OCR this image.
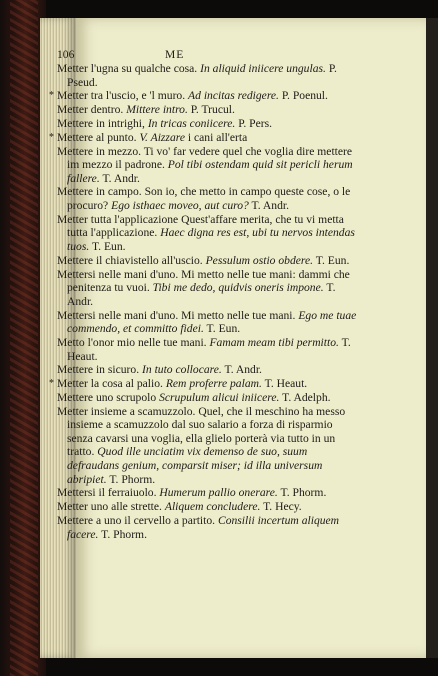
106	ME
Metter l'ugna su qualche cosa. In aliquid iniicere ungulas. P. Pseud.
* Metter tra l'uscio, e 'l muro. Ad incitas redigere. P. Poenul.
Metter dentro. Mittere intro. P. Trucul.
Mettere in intrighi, In tricas coniicere. P. Pers.
* Mettere al punto. V. Aizzare i cani all'erta
Mettere in mezzo. Ti vo' far vedere quel che voglia dire mettere im mezzo il padrone. Pol tibi ostendam quid sit pericli herum fallere. T. Andr.
Mettere in campo. Son io, che metto in campo queste cose, o le procuro? Ego isthaec moveo, aut curo? T. Andr.
Metter tutta l'applicazione Quest'affare merita, che tu vi metta tutta l'applicazione. Haec digna res est, ubi tu nervos intendas tuos. T. Eun.
Mettere il chiavistello all'uscio. Pessulum ostio obdere. T. Eun.
Mettersi nelle mani d'uno. Mi metto nelle tue mani: dammi che penitenza tu vuoi. Tibi me dedo, quidvis oneris impone. T. Andr.
Mettersi nelle mani d'uno. Mi metto nelle tue mani. Ego me tuae commendo, et committo fidei. T. Eun.
Metto l'onor mio nelle tue mani. Famam meam tibi permitto. T. Heaut.
Mettere in sicuro. In tuto collocare. T. Andr.
* Metter la cosa al palio. Rem proferre palam. T. Heaut.
Mettere uno scrupolo Scrupulum alicui iniicere. T. Adelph.
Metter insieme a scamuzzolo. Quel, che il meschino ha messo insieme a scamuzzolo dal suo salario a forza di risparmio senza cavarsi una voglia, ella glielo porterà via tutto in un tratto. Quod ille unciatim vix demenso de suo, suum defraudans genium, comparsit miser; id illa universum abripiet. T. Phorm.
Mettersi il ferraiuolo. Humerum pallio onerare. T. Phorm.
Metter uno alle strette. Aliquem concludere. T. Hecy.
Mettere a uno il cervello a partito. Consilii incertum aliquem facere. T. Phorm.
